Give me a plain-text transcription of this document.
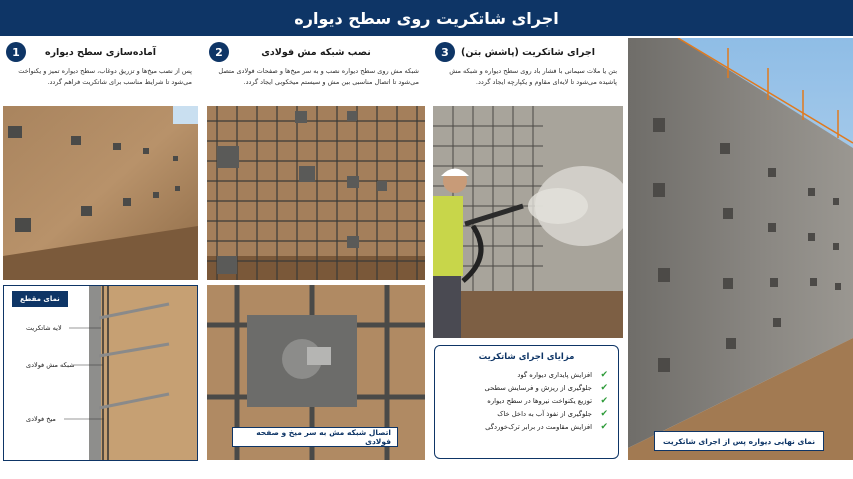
اجرای شاتکریت روی سطح دیواره
1	آماده‌سازی سطح دیواره
پس از نصب میخ‌ها و تزریق دوغاب، سطح دیواره تمیز و یکنواخت می‌شود تا شرایط مناسب برای شاتکریت فراهم گردد.
2	نصب شبکه مش فولادی
شبکه مش روی سطح دیواره نصب و به سر میخ‌ها و صفحات فولادی متصل می‌شود تا اتصال مناسبی بین مش و سیستم میخکوبی ایجاد گردد.
3	اجرای شاتکریت (پاشش بتن)
بتن یا ملات سیمانی با فشار باد روی سطح دیواره و شبکه مش پاشیده می‌شود تا لایه‌ای مقاوم و یکپارچه ایجاد گردد.
نمای نهایی دیواره پس از اجرای شاتکریت
نمای مقطع
لایه شاتکریت
شبکه مش فولادی
میخ فولادی
اتصال شبکه مش به سر میخ و صفحه فولادی
مزایای اجرای شاتکریت
✔
افزایش پایداری دیواره گود
✔
جلوگیری از ریزش و فرسایش سطحی
✔
توزیع یکنواخت نیروها در سطح دیواره
✔
جلوگیری از نفوذ آب به داخل خاک
✔
افزایش مقاومت در برابر ترک‌خوردگی
